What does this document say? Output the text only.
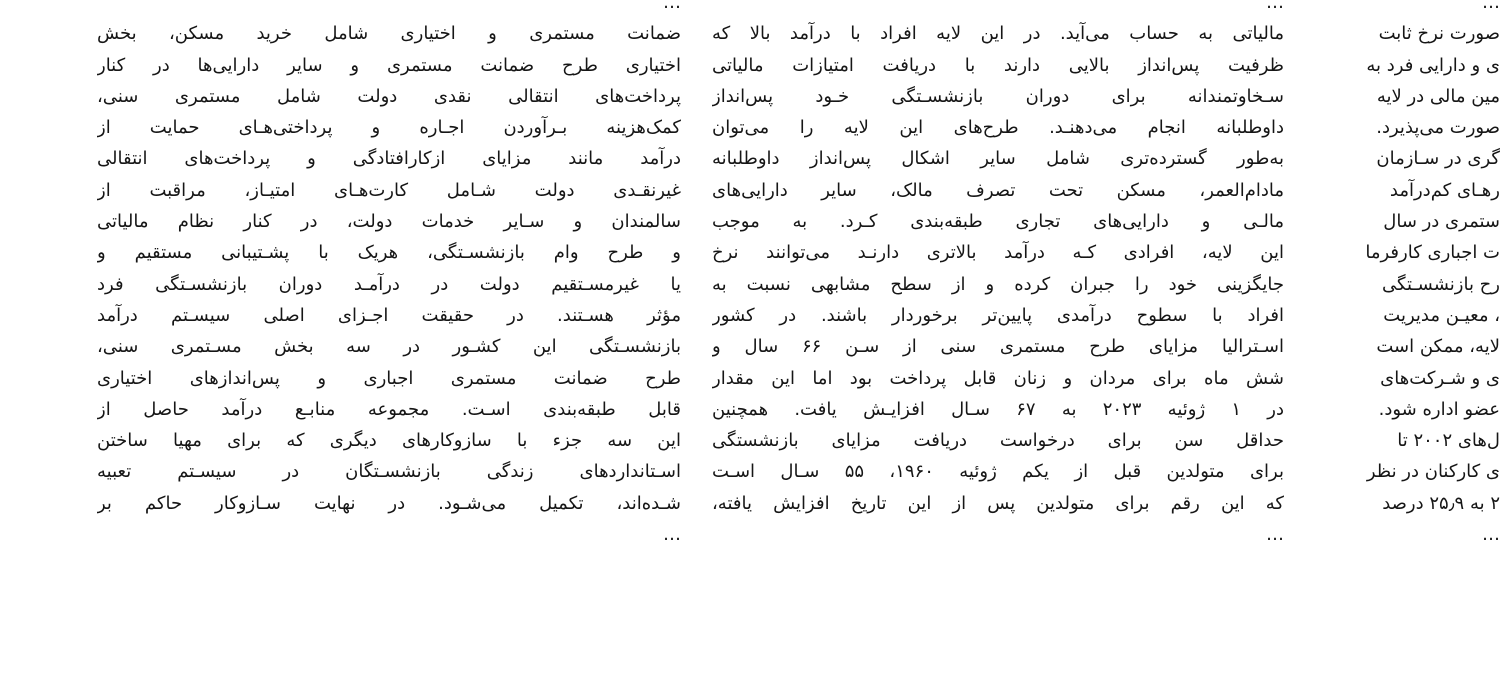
…
ضمانت مستمری و اختیاری شامل خرید مسکن، بخش
اختیاری طرح ضمانت مستمری و سایر دارایی‌ها در کنار
پرداخت‌های انتقالی نقدی دولت شامل مستمری سنی،
کمک‌هزینه بـرآوردن اجـاره و پرداختی‌هـای حمایت از
درآمد مانند مزایای ازکارافتادگی و پرداخت‌های انتقالی
غیرنقـدی دولت شـامل کارت‌هـای امتیـاز، مراقبت از
سالمندان و سـایر خدمات دولت، در کنار نظام مالیاتی
و طرح وام بازنشسـتگی، هریک با پشـتیبانی مستقیم و
یا غیرمسـتقیم دولت در درآمـد دوران بازنشسـتگی فرد
مؤثر هسـتند. در حقیقت اجـزای اصلی سیسـتم درآمد
بازنشسـتگی این کشـور در سه بخش مسـتمری سنی،
طرح ضمانت مستمری اجباری و پس‌اندازهای اختیاری
قابل طبقه‌بندی اسـت. مجموعه منابـع درآمد حاصل از
این سه جزء با سازوکارهای دیگری که برای مهیا ساختن
اسـتانداردهای زندگی بازنشسـتگان در سیسـتم تعبیه
شـده‌اند، تکمیل می‌شـود. در نهایت سـازوکار حاکم بر
…
…
مالیاتی به حساب می‌آید. در این لایه افراد با درآمد بالا که
ظرفیت پس‌انداز بالایی دارند با دریافت امتیازات مالیاتی
سـخاوتمندانه برای دوران بازنشسـتگی خـود پس‌انداز
داوطلبانه انجام می‌دهنـد. طرح‌های این لایه را می‌توان
به‌طور گسترده‌تری شامل سایر اشکال پس‌انداز داوطلبانه
مادام‌العمر، مسکن تحت تصرف مالک، سایر دارایی‌های
مالـی و دارایی‌های تجاری طبقه‌بندی کـرد. به موجب
این لایه، افرادی کـه درآمد بالاتری دارنـد می‌توانند نرخ
جایگزینی خود را جبران کرده و از سطح مشابهی نسبت به
افراد با سطوح درآمدی پایین‌تر برخوردار باشند. در کشور
اسـترالیا مزایای طرح مستمری سنی از سـن ۶۶ سال و
شش ماه برای مردان و زنان قابل پرداخت بود اما این مقدار
در ۱ ژوئیه ۲۰۲۳ به ۶۷ سـال افزایـش یافت. همچنین
حداقل سن برای درخواست دریافت مزایای بازنشستگی
برای متولدین قبل از یکم ژوئیه ۱۹۶۰، ۵۵ سـال اسـت
که این رقم برای متولدین پس از این تاریخ افزایش یافته،
…
…
صورت نرخ ثابت
ی و دارایی فرد به
مین مالی در لایه
صورت می‌پذیرد.
گری در سـازمان
رهـای کم‌درآمد
ستمری در سال
ت اجباری کارفرما
رح بازنشسـتگی
، معیـن مدیریت
لایه، ممکن است
ی و شـرکت‌های
عضو اداره شود.
ل‌های ۲۰۰۲ تا
ی کارکنان در نظر
۲ به ۲۵٫۹ درصد
…
